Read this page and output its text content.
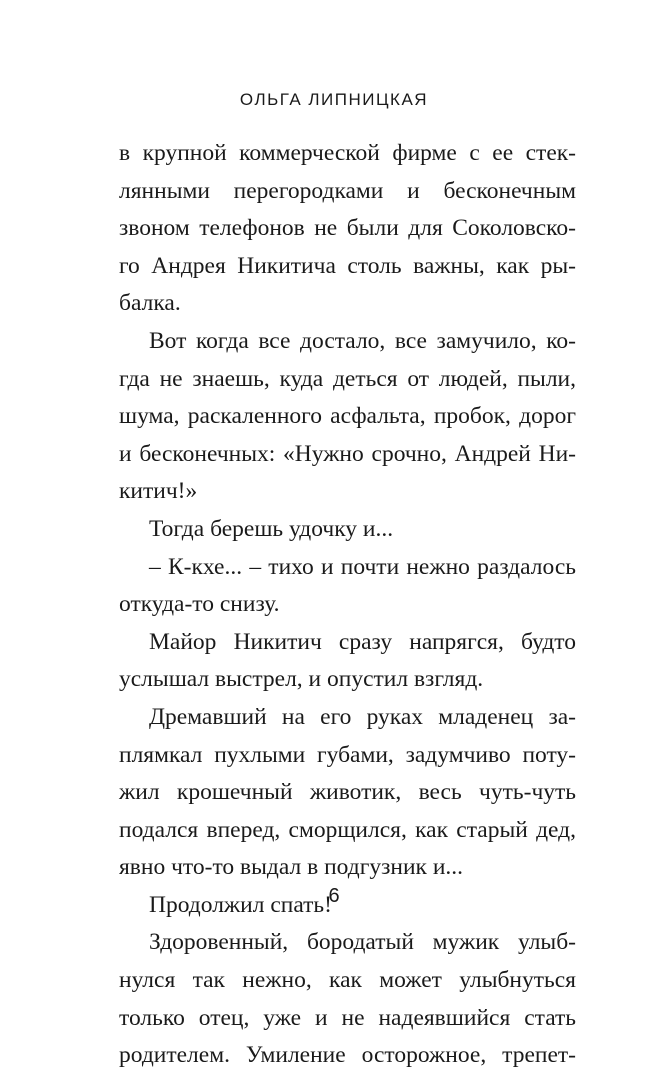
ОЛЬГА ЛИПНИЦКАЯ
в крупной коммерческой фирме с ее стек-
лянными перегородками и бесконечным
звоном телефонов не были для Соколовско-
го Андрея Никитича столь важны, как ры-
балка.
Вот когда все достало, все замучило, ко-
гда не знаешь, куда деться от людей, пыли,
шума, раскаленного асфальта, пробок, дорог
и бесконечных: «Нужно срочно, Андрей Ни-
китич!»
Тогда берешь удочку и...
– К-кхе... – тихо и почти нежно раздалось
откуда-то снизу.
Майор Никитич сразу напрягся, будто
услышал выстрел, и опустил взгляд.
Дремавший на его руках младенец за-
плямкал пухлыми губами, задумчиво поту-
жил крошечный животик, весь чуть-чуть
подался вперед, сморщился, как старый дед,
явно что-то выдал в подгузник и...
Продолжил спать!
Здоровенный, бородатый мужик улыб-
нулся так нежно, как может улыбнуться
только отец, уже и не надеявшийся стать
родителем. Умиление осторожное, трепет-
6
